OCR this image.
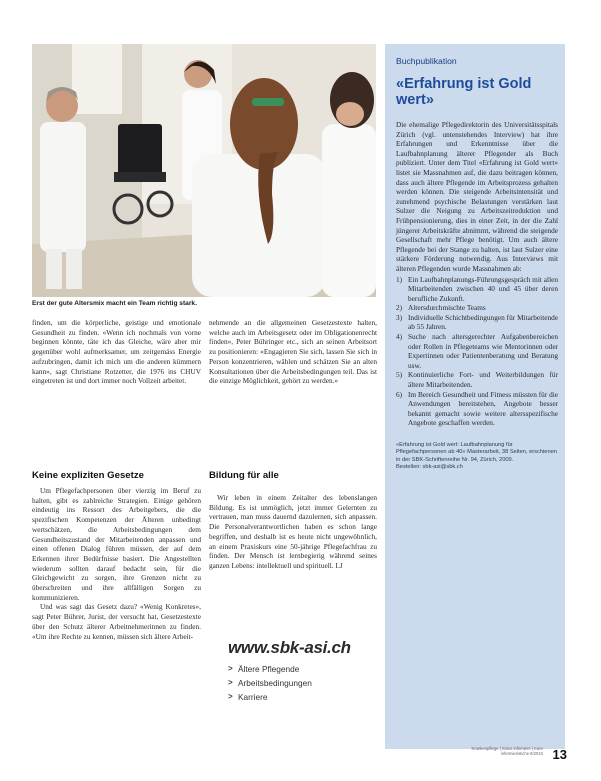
Erst der gute Altersmix macht ein Team richtig stark.

finden, um die körperliche, geistige und emotionale Gesundheit zu finden. «Wenn ich nochmals von vorne beginnen könnte, täte ich das Gleiche, wäre aber mir gegenüber wohl aufmerksamer, um zeitgemäss Energie aufzubringen, damit ich mich um die anderen kümmern kann», sagt Christiane Rotzetter, die 1976 ins CHUV eingetreten ist und dort immer noch Vollzeit arbeitet.

Keine expliziten Gesetze

Um Pflegefachpersonen über vierzig im Beruf zu halten, gibt es zahlreiche Strategien. Einige gehören eindeutig ins Ressort des Arbeitgebers, die die spezifischen Kompetenzen der Älteren unbedingt wertschätzen, die Arbeitsbedingungen dem Gesundheitszustand der Mitarbeitenden anpassen und einen offenen Dialog führen müssen, der auf dem Erkennen ihrer Bedürfnisse basiert. Die Angestellten wiederum sollten darauf bedacht sein, für die Gleichgewicht zu sorgen, ihre Grenzen nicht zu überschreiten und ihre allfälligen Sorgen zu kommunizieren.

Und was sagt das Gesetz dazu? «Wenig Konkretes», sagt Peter Bührer, Jurist, der versucht hat, Gesetzestexte über den Schutz älterer Arbeitnehmerinnen zu finden. «Um ihre Rechte zu kennen, müssen sich ältere Arbeit-

nehmende an die allgemeinen Gesetzestexte halten, welche auch im Arbeitsgesetz oder im Obligationenrecht finden», Peter Bühringer etc., sich an seinen Arbeitsort zu positionieren: «Engagieren Sie sich, lassen Sie sich in Person konzentrieren, wählen und schätzen Sie an alten Konsultationen über die Arbeitsbedingungen teil. Das ist die einzige Möglichkeit, gehört zu werden.»

Bildung für alle

Wir leben in einem Zeitalter des lebenslangen Bildung. Es ist unmöglich, jetzt immer Gelernten zu vertrauen, man muss dauernd dazulernen, sich anpassen. Die Personalverantwortlichen haben es schon lange begriffen, und deshalb ist es heute nicht ungewöhnlich, an einem Praxiskurs eine 50-jährige Pflegefachfrau zu finden. Der Mensch ist lernbegierig während seines ganzen Lebens: intellektuell und spirituell. LJ

Buchpublikation
«Erfahrung ist Gold wert»

Die ehemalige Pflegedirektorin des Universitätsspitals Zürich (vgl. untenstehendes Interview) hat ihre Erfahrungen und Erkenntnisse über die Laufbahnplanung älterer Pflegender als Buch publiziert. Unter dem Titel «Erfahrung ist Gold wert» listet sie Massnahmen auf, die dazu beitragen können, dass auch ältere Pflegende im Arbeitsprozess gehalten werden können. Die steigende Arbeitsintensität und zunehmend psychische Belastungen verstärken laut Sulzer die Neigung zu Arbeitszeitreduktion und Frühpensionierung, dies in einer Zeit, in der die Zahl jüngerer Arbeitskräfte abnimmt, während die steigende Gesellschaft mehr Pflege benötigt. Um auch ältere Pflegende bei der Stange zu halten, ist laut Sulzer eine stärkere Förderung notwendig. Aus Interviews mit älteren Pflegenden wurde Massnahmen ab:

1) Ein Laufbahnplanungs-Führungsgespräch mit allen Mitarbeitenden zwischen 40 und 45 über deren berufliche Zukunft.
2) Altersdurchmischte Teams
3) Individuelle Schichtbedingungen für Mitarbeitende ab 55 Jahren.
4) Suche nach altersgerechter Aufgabenbereichen oder Rollen in Pflegeteams wie Mentorinnen oder Expertinnen oder Patientenberatung und Beratung usw.
5) Kontinuierliche Fort- und Weiterbildungen für ältere Mitarbeitenden.
6) Im Bereich Gesundheit und Fitness müssten für die Anwendungen bereitstehen, Angebote besser bekannt gemacht sowie weitere altersspezifische Angebote geschaffen werden.
«Erfahrung ist Gold wert: Laufbahnplanung für Pflegefachpersonen ab 40» Masterarbeit, 38 Seiten, erschienen in der SBK-Schriftenreihe Nr. 94, Zürich, 2009.
Bestellen: sbk-asi@sbk.ch
www.sbk-asi.ch
> Ältere Pflegende
> Arbeitsbedingungen
> Karriere
Krankenpflege | Soins infirmiers | Cure infermieristiche 8/2010 13
